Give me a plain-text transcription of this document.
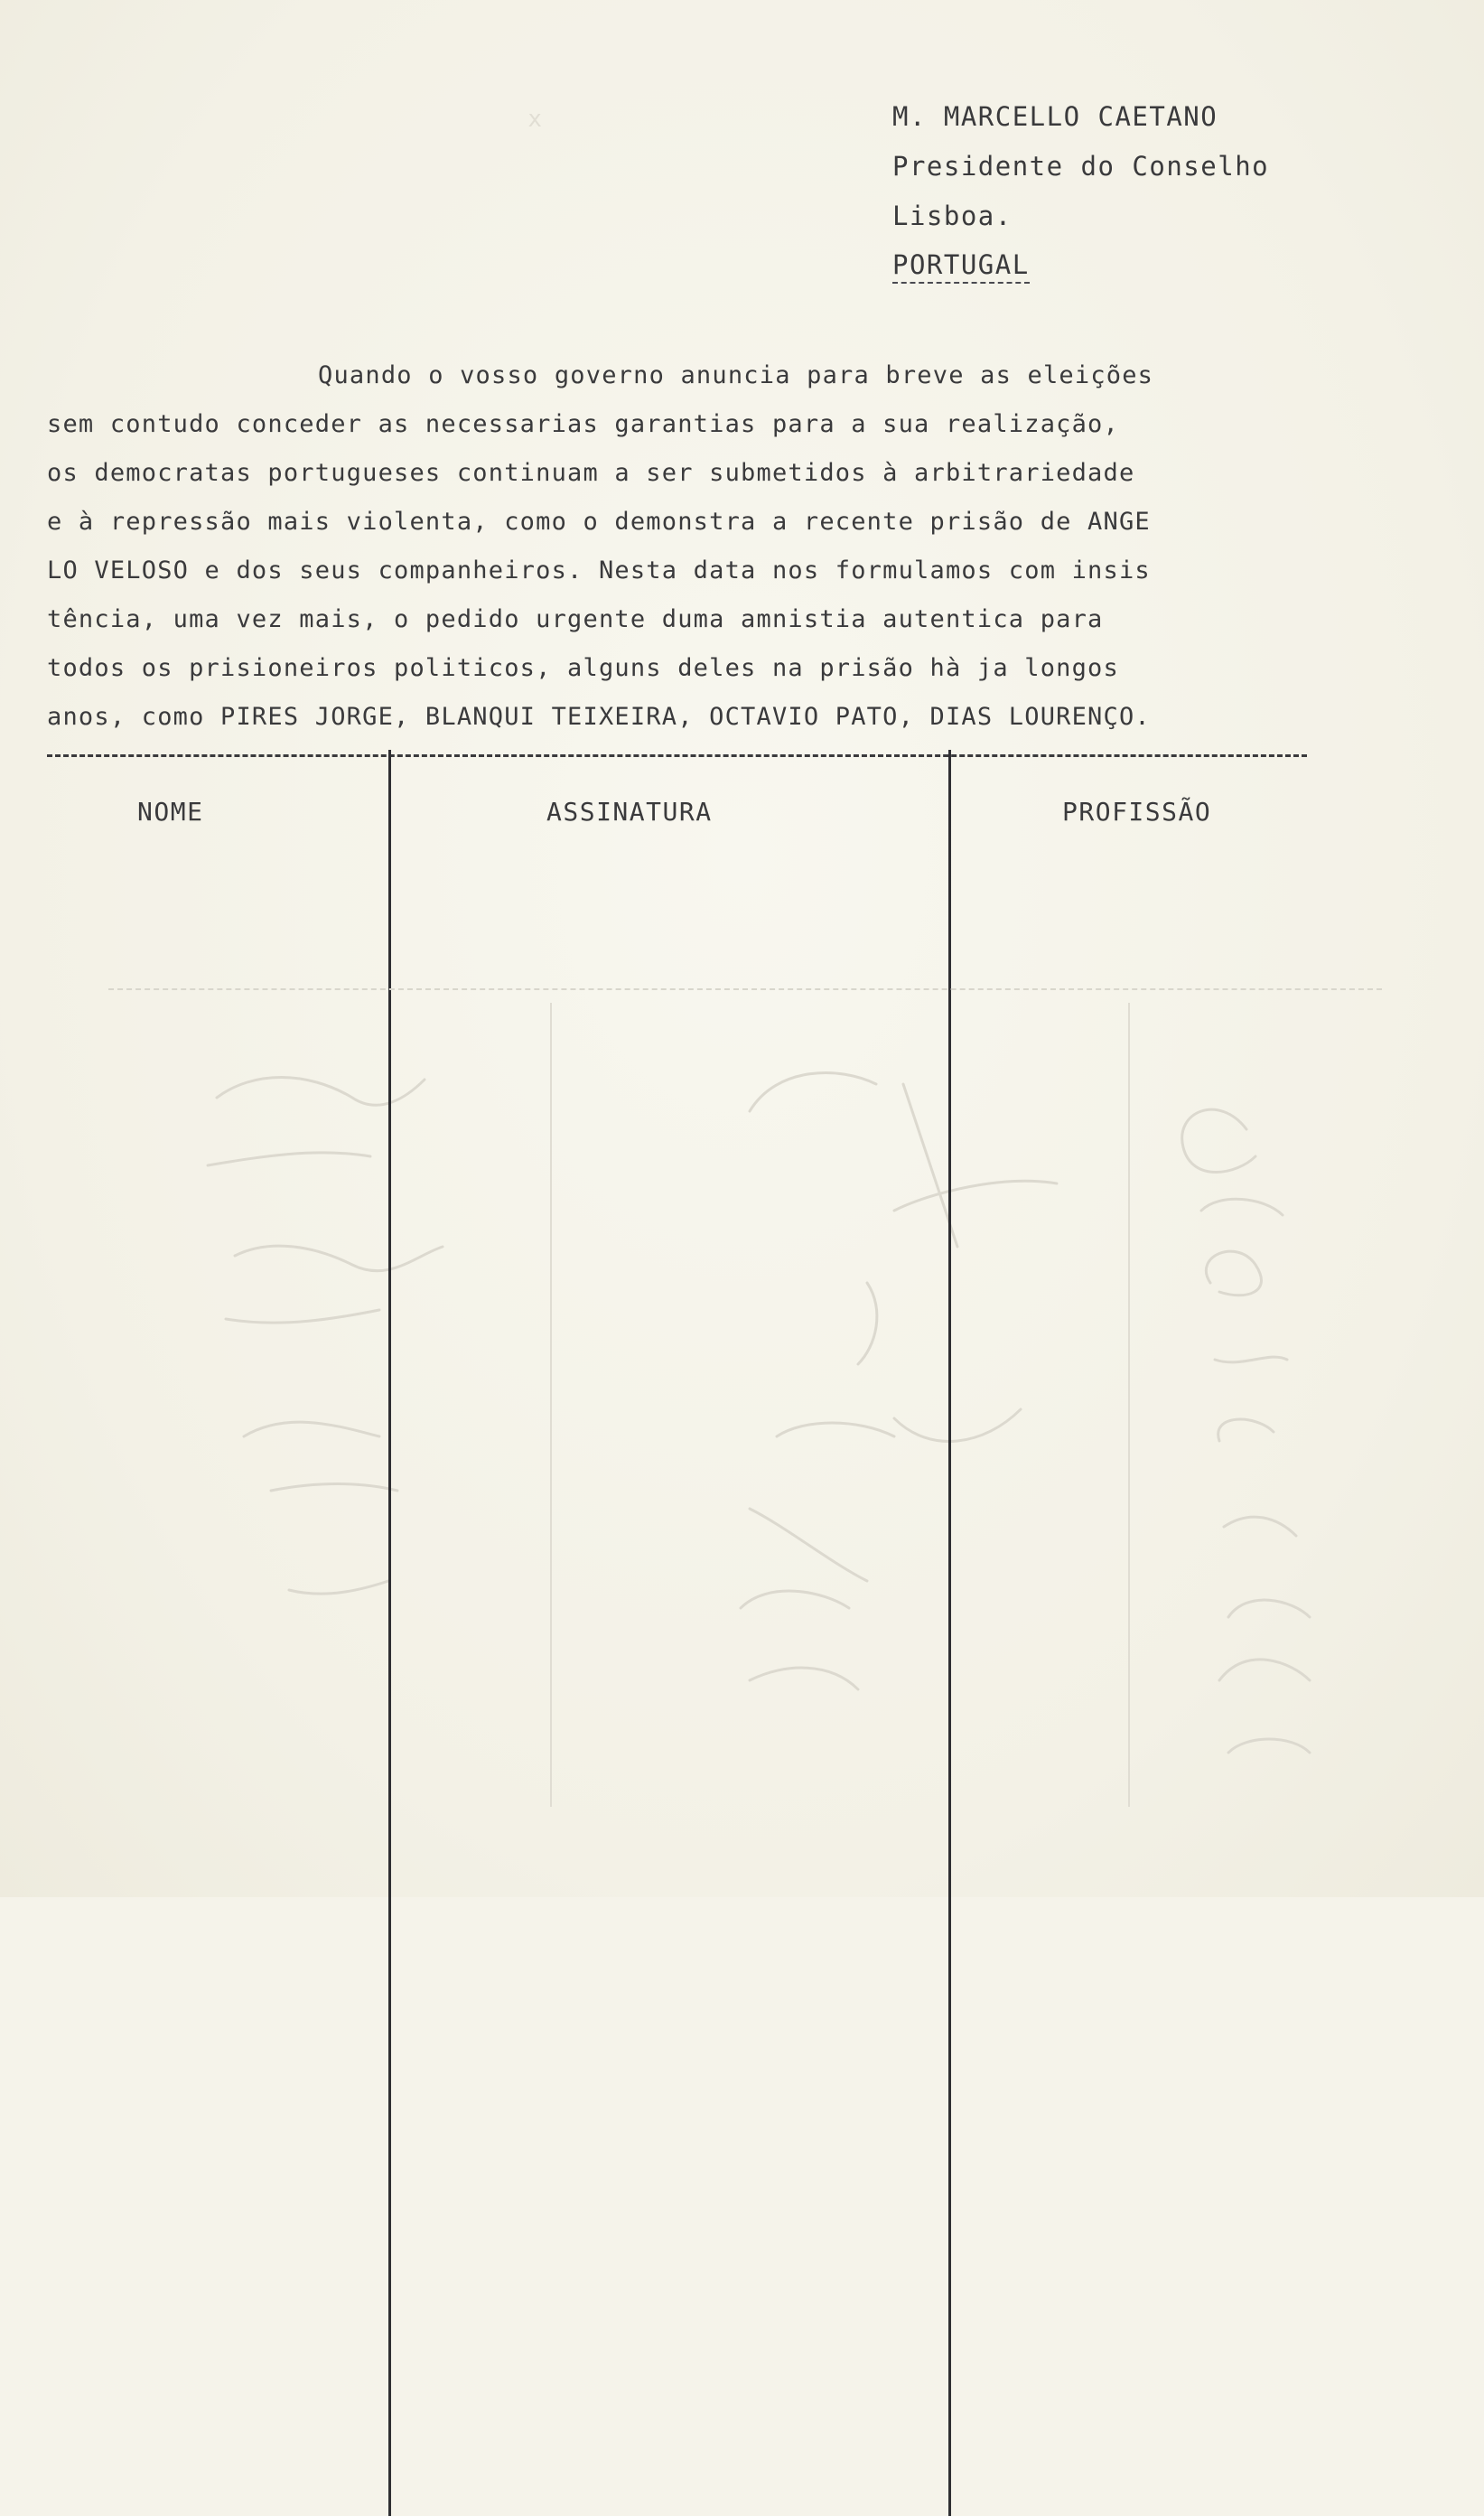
x	M. MARCELLO CAETANO
Presidente do Conselho
Lisboa.
PORTUGAL
Quando o vosso governo anuncia para breve as eleições
sem contudo conceder as necessarias garantias para a sua realização,
os democratas portugueses continuam a ser submetidos à arbitrariedade
e à repressão mais violenta, como o demonstra a recente prisão de ANGE
LO VELOSO e dos seus companheiros. Nesta data nos formulamos com insis
tência, uma vez mais, o pedido urgente duma amnistia autentica para
todos os prisioneiros politicos, alguns deles na prisão hà ja longos
anos, como PIRES JORGE, BLANQUI TEIXEIRA, OCTAVIO PATO, DIAS LOURENÇO.
NOME	ASSINATURA	PROFISSÃO
